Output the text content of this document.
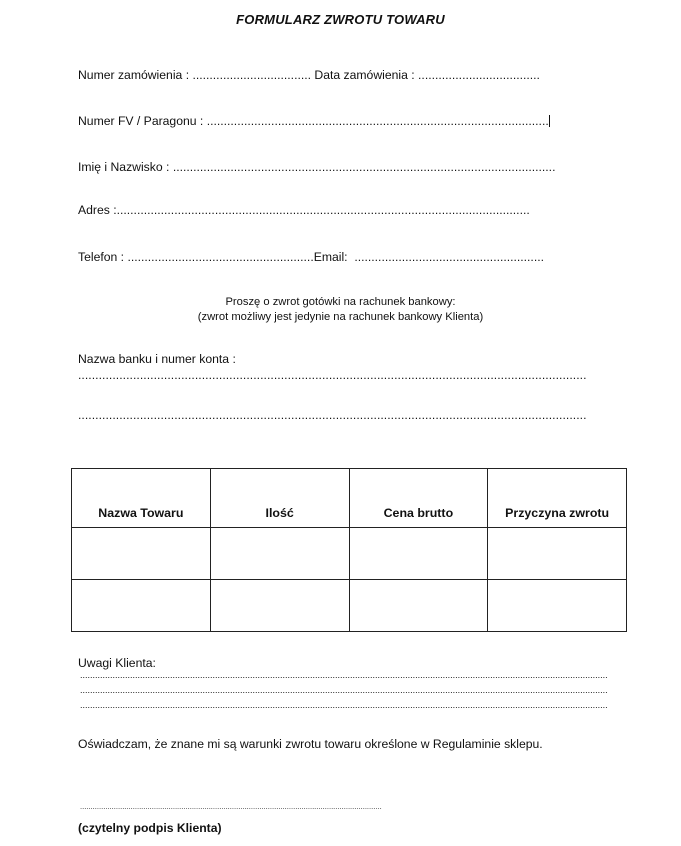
FORMULARZ ZWROTU TOWARU
Numer zamówienia : ................................... Data zamówienia : ....................................
Numer FV / Paragonu : .....................................................................................................
Imię i Nazwisko : .................................................................................................................
Adres :..........................................................................................................................
Telefon : .......................................................Email: ........................................................
Proszę o zwrot gotówki na rachunek bankowy:
(zwrot możliwy jest jedynie na rachunek bankowy Klienta)
Nazwa banku i numer konta :
....................................................................................................................................................
....................................................................................................................................................
Nazwa Towaru	Ilość	Cena brutto	Przyczyna zwrotu

Uwagi Klienta:
...................................................................................................................................................................................................................
...................................................................................................................................................................................................................
...................................................................................................................................................................................................................
Oświadczam, że znane mi są warunki zwrotu towaru określone w Regulaminie sklepu.
...............................................................................................................................................
(czytelny podpis Klienta)
